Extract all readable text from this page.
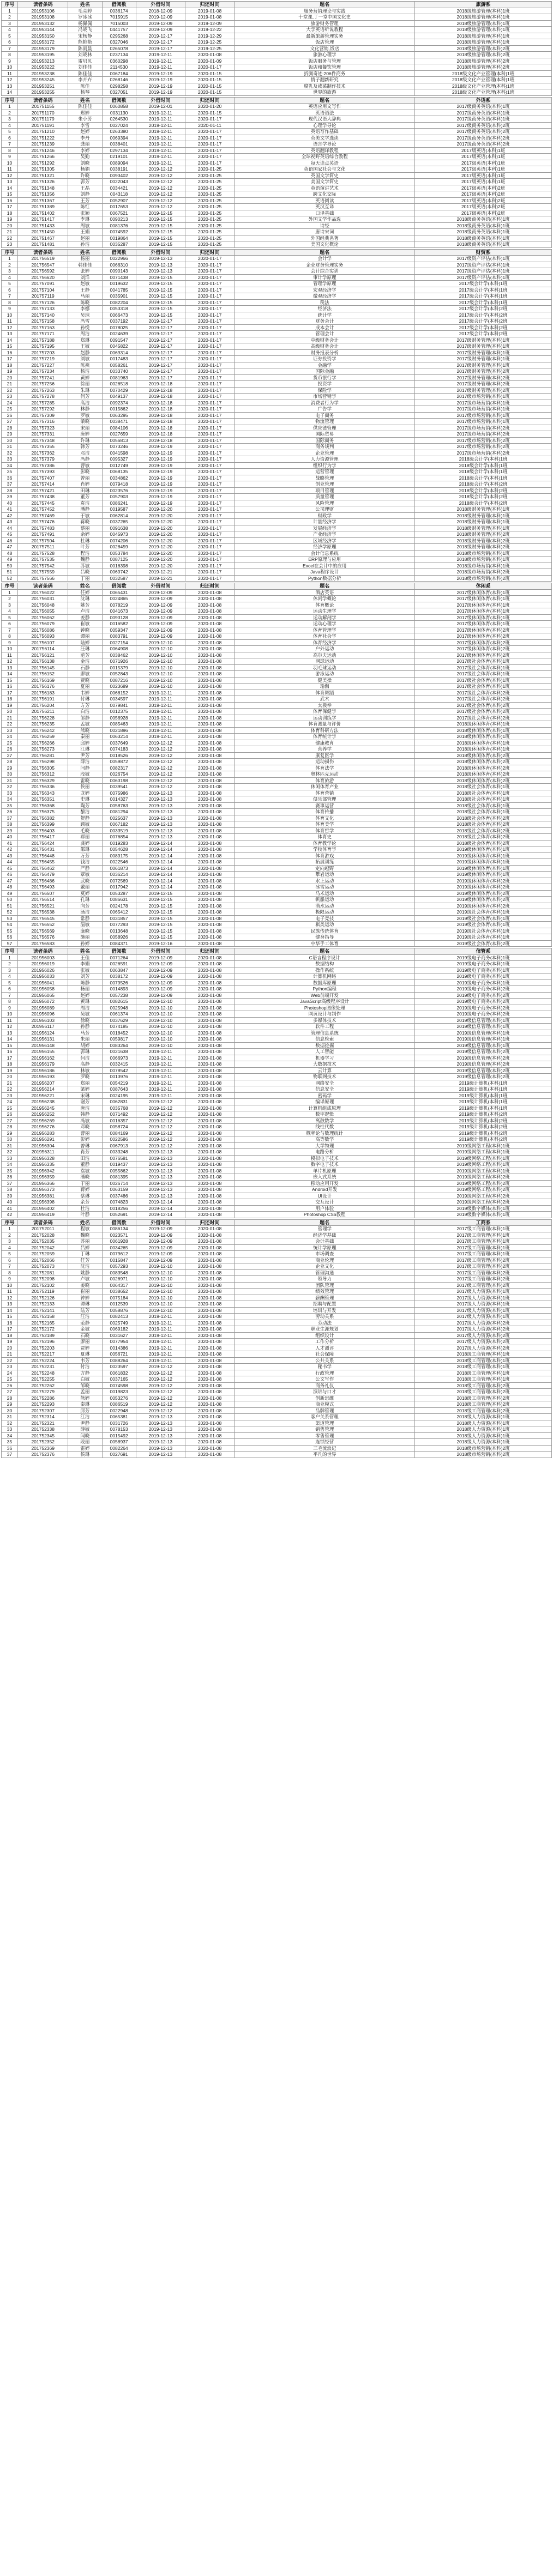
序号	读者条码	姓名	借阅数	外借时间	归还时间	题名	旅游系
1	201953106	毛亮婷	0036174	2018-12-09	2019-01-08	服务营销理论与实践	2018级旅游管理(本科)1班
2	201953108	罗冰冰	7015915	2019-12-09	2019-01-08	十堂课,丁一堂中国文化史	2018级旅游管理(本科)1班
3	201953132	杨佩佩	7015003	2019-12-09	2019-12-09	旅游财务管理	2018级旅游管理(本科)1班
4	201953144	冯晓飞	0441757	2019-12-09	2019-12-22	大学英语听说教程	2018级旅游管理(本科)1班
5	201953150	宋杨静	0295268	2019-12-17	2019-12-29	最新旅游管理实务	2018级旅游管理(本科)1班
6	201953172	熊艳艳	0327046	2019-12-17	2019-12-25	饭店管理	2018级旅游管理(本科)1班
7	201953179	陈雨晨	0265078	2019-12-17	2019-12-25	文化营销,饭店	2018级旅游管理(本科)2班
8	201953195	刘晓林	0237134	2019-12-11	2020-01-08	旅游心理学	2018级旅游管理(本科)2班
9	201953213	雷贝贝	0360298	2019-12-11	2020-01-09	饭店服务与管理	2018级旅游管理(本科)2班
10	201953222	刘佳佳	2114530	2019-12-11	2020-01-17	饭店和餐饮管理	2018级旅游管理(本科)2班
11	201953238	陈佳佳	0067184	2019-12-19	2020-01-15	折腾奇迹:206件商务	2018级文化产业管理(本科)1班
12	201953245	李卉卉	0268146	2019-12-19	2020-01-15	情子翻新研究	2018级文化产业管理(本科)1班
13	201953251	陈佳	0298258	2019-12-19	2020-01-15	腐乳及咸菜制作技术	2018级文化产业管理(本科)1班
14	201953255	杨琴	0327051	2019-12-19	2020-01-15	世界的旅游	2018级文化产业管理(本科)1班
序号	读者条码	姓名	借阅数	外借时间	归还时间	题名	外语系
1	201751155	陈佳佳	0060858	2019-12-01	2020-01-20	英语应用文写作	2017级商务英语(本科)1班
2	201751170	郑婷	0031130	2019-12-11	2020-01-15	英语语法	2017级商务英语(本科)1班
3	201751179	朱小芳	0264530	2019-12-11	2020-01-17	现代汉语大辞典	2017级商务英语(本科)1班
4	201751191	李雪	0027024	2019-12-11	2020-01-11	心理学导论	2017级商务英语(本科)2班
5	201751210	赵婷	0263380	2019-12-11	2020-01-17	英语写作基础	2017级商务英语(本科)2班
6	201751222	李丹	0069394	2019-12-11	2020-01-17	英美文学选读	2017级商务英语(本科)2班
7	201751239	龚丽	0038401	2019-12-11	2020-01-17	语言学导论	2017级商务英语(本科)2班
8	201751246	李婷	0297134	2019-12-11	2020-01-17	英语翻译教程	2017级英语(本科)1班
9	201751266	吴勤	0219101	2019-12-11	2020-01-17	全球视野英语综合教程	2017级英语(本科)1班
10	201751292	刘晓	0089094	2019-12-11	2020-01-17	每天读点英语	2017级英语(本科)1班
11	201751305	杨娟	0038191	2019-12-12	2020-01-25	英语国家社会与文化	2017级英语(本科)1班
12	201751321	许晓	0093402	2019-12-12	2020-01-25	英国文学简史	2017级英语(本科)1班
13	201751326	郭芳	0022043	2019-12-12	2020-01-25	美国文学简史	2017级英语(本科)1班
14	201751348	王晶	0034421	2019-12-12	2020-01-25	英语演讲艺术	2017级英语(本科)2班
15	201751356	刘静	0043118	2019-12-12	2020-01-25	跨文化交际	2017级英语(本科)2班
16	201751367	王芳	0052907	2019-12-12	2020-01-25	英语阅读	2017级英语(本科)2班
17	201751389	陈红	0017653	2019-12-12	2020-01-25	英汉互译	2017级英语(本科)2班
18	201751402	张颖	0067521	2019-12-15	2020-01-25	口译基础	2017级英语(本科)2班
19	201751417	李琳	0090213	2019-12-15	2020-01-25	外国文学作品选	2018级商务英语(本科)1班
20	201751433	周敏	0081376	2019-12-15	2020-01-25	诗经	2018级商务英语(本科)1班
21	201751450	王娟	0074592	2019-12-15	2020-01-25	唐诗宋词	2018级商务英语(本科)1班
22	201751467	赵丽	0019864	2019-12-15	2020-01-25	外国经典名著	2018级商务英语(本科)1班
23	201751481	孙洁	0035287	2019-12-15	2020-01-25	美国文化概论	2018级商务英语(本科)1班
序号	读者条码	姓名	借阅数	外借时间	归还时间	题名	财贸系
1	201756519	杨丽	0022966	2019-12-13	2020-01-17	会计学	2017级资产评估(本科)1班
2	201756547	韩佳佳	0066310	2019-12-13	2020-01-17	企业财务管理实务	2017级资产评估(本科)1班
3	201756592	张婷	0090143	2019-12-13	2020-01-17	会计综合实训	2017级资产评估(本科)1班
4	201756620	刘洋	0071438	2019-12-15	2020-01-17	审计学原理	2017级资产评估(本科)1班
5	201757091	赵敏	0019632	2019-12-15	2020-01-17	管理学原理	2017级会计学(本科)1班
6	201757104	王静	0041785	2019-12-15	2020-01-17	宏观经济学	2017级会计学(本科)1班
7	201757119	马丽	0035901	2019-12-15	2020-01-17	微观经济学	2017级会计学(本科)1班
8	201757126	陈晓	0082204	2019-12-15	2020-01-17	税法	2017级会计学(本科)1班
9	201757133	李娜	0053318	2019-12-15	2020-01-17	经济法	2017级会计学(本科)2班
10	201757140	吴琼	0066473	2019-12-15	2020-01-17	统计学	2017级会计学(本科)2班
11	201757158	冯雪	0037192	2019-12-17	2020-01-17	财务会计	2017级会计学(本科)2班
12	201757163	孙悦	0078025	2019-12-17	2020-01-17	成本会计	2017级会计学(本科)2班
13	201757171	周洁	0024639	2019-12-17	2020-01-17	管理会计	2017级会计学(本科)2班
14	201757188	郑琳	0091547	2019-12-17	2020-01-17	中级财务会计	2017级财务管理(本科)1班
15	201757195	王敏	0045822	2019-12-17	2020-01-17	高级财务会计	2017级财务管理(本科)1班
16	201757203	赵静	0069314	2019-12-17	2020-01-17	财务报表分析	2017级财务管理(本科)1班
17	201757219	刘敏	0017483	2019-12-17	2020-01-17	证券投资学	2017级财务管理(本科)1班
18	201757227	陈燕	0058261	2019-12-17	2020-01-17	金融学	2017级财务管理(本科)1班
19	201757234	杨洁	0033740	2019-12-17	2020-01-17	国际金融	2017级财务管理(本科)2班
20	201757241	黄婷	0081963	2019-12-17	2020-01-17	货币银行学	2017级财务管理(本科)2班
21	201757256	徐丽	0026518	2019-12-18	2020-01-17	投资学	2017级财务管理(本科)2班
22	201757263	朱琳	0070429	2019-12-18	2020-01-17	保险学	2017级财务管理(本科)2班
23	201757278	何芳	0049137	2019-12-18	2020-01-17	市场营销学	2017级市场营销(本科)1班
24	201757285	高洁	0092374	2019-12-18	2020-01-17	消费者行为学	2017级市场营销(本科)1班
25	201757292	林静	0015862	2019-12-18	2020-01-17	广告学	2017级市场营销(本科)1班
26	201757309	罗敏	0063295	2019-12-18	2020-01-17	电子商务	2017级市场营销(本科)1班
27	201757316	梁晓	0038471	2019-12-18	2020-01-17	物流管理	2017级市场营销(本科)1班
28	201757323	宋丽	0084106	2019-12-18	2020-01-17	供应链管理	2017级市场营销(本科)2班
29	201757331	唐婷	0027659	2019-12-18	2020-01-17	国际贸易	2017级市场营销(本科)2班
30	201757348	许琳	0056813	2019-12-18	2020-01-17	国际商务	2017级市场营销(本科)2班
31	201757355	韩芳	0073246	2019-12-19	2020-01-17	商务谈判	2017级市场营销(本科)2班
32	201757362	邓洁	0041598	2019-12-19	2020-01-17	企业管理	2017级市场营销(本科)2班
33	201757379	冯静	0095327	2019-12-19	2020-01-17	人力资源管理	2018级会计学(本科)1班
34	201757386	曹敏	0012749	2019-12-19	2020-01-17	组织行为学	2018级会计学(本科)1班
35	201757393	彭晓	0068135	2019-12-19	2020-01-17	运营管理	2018级会计学(本科)1班
36	201757407	曾丽	0034862	2019-12-19	2020-01-17	战略管理	2018级会计学(本科)1班
37	201757414	肖婷	0079418	2019-12-19	2020-01-17	创业管理	2018级会计学(本科)2班
38	201757421	田琳	0023576	2019-12-19	2020-01-17	项目管理	2018级会计学(本科)2班
39	201757438	董芳	0057903	2019-12-19	2020-01-17	质量管理	2018级会计学(本科)2班
40	201757445	袁洁	0086241	2019-12-19	2020-01-17	风险管理	2018级会计学(本科)2班
41	201757452	潘静	0019587	2019-12-20	2020-01-17	公司理财	2018级财务管理(本科)1班
42	201757469	于敏	0062814	2019-12-20	2020-01-17	财政学	2018级财务管理(本科)1班
43	201757476	蒋晓	0037265	2019-12-20	2020-01-17	计量经济学	2018级财务管理(本科)1班
44	201757483	蔡丽	0091638	2019-12-20	2020-01-17	发展经济学	2018级财务管理(本科)1班
45	201757491	余婷	0045973	2019-12-20	2020-01-17	产业经济学	2018级财务管理(本科)2班
46	201757504	杜琳	0074206	2019-12-20	2020-01-17	区域经济学	2018级财务管理(本科)2班
47	201757511	叶芳	0028459	2019-12-20	2020-01-17	经济学原理	2018级财务管理(本科)2班
48	201757528	程洁	0053784	2019-12-20	2020-01-17	会计信息系统	2018级市场营销(本科)1班
49	201757535	魏静	0087125	2019-12-20	2020-01-17	ERP原理与应用	2018级市场营销(本科)1班
50	201757542	苏敏	0016398	2019-12-20	2020-01-17	Excel在会计中的应用	2018级市场营销(本科)1班
51	201757559	吕晓	0069742	2019-12-21	2020-01-17	Java程序设计	2018级市场营销(本科)2班
52	201757566	丁丽	0032587	2019-12-21	2020-01-17	Python数据分析	2018级市场营销(本科)2班
序号	读者条码	姓名	借阅数	外借时间	归还时间	题名	休闲系
1	201756022	任婷	0065431	2019-12-09	2020-01-08	酒店英语	2017级休闲体育(本科)1班
2	201756031	沈琳	0024865	2019-12-09	2020-01-08	休闲学概论	2017级休闲体育(本科)1班
3	201756048	姚芳	0078219	2019-12-09	2020-01-08	体育概论	2017级休闲体育(本科)1班
4	201756055	卢洁	0041673	2019-12-09	2020-01-08	运动生理学	2017级休闲体育(本科)1班
5	201756062	姜静	0093128	2019-12-09	2020-01-08	运动解剖学	2017级休闲体育(本科)1班
6	201756079	崔敏	0016582	2019-12-09	2020-01-08	运动心理学	2017级休闲体育(本科)1班
7	201756086	钟晓	0059347	2019-12-09	2020-01-08	体育管理学	2017级休闲体育(本科)2班
8	201756093	谭丽	0083791	2019-12-09	2020-01-08	体育社会学	2017级休闲体育(本科)2班
9	201756107	陆婷	0027154	2019-12-10	2020-01-08	体育经济学	2017级休闲体育(本科)2班
10	201756114	汪琳	0064908	2019-12-10	2020-01-08	户外运动	2017级休闲体育(本科)2班
11	201756121	范芳	0038462	2019-12-10	2020-01-08	高尔夫运动	2017级休闲体育(本科)2班
12	201756138	金洁	0071926	2019-12-10	2020-01-08	网球运动	2017级社会体育(本科)1班
13	201756145	石静	0015379	2019-12-10	2020-01-08	羽毛球运动	2017级社会体育(本科)1班
14	201756152	廖敏	0052843	2019-12-10	2020-01-08	游泳运动	2017级社会体育(本科)1班
15	201756169	贾晓	0087216	2019-12-10	2020-01-08	健美操	2017级社会体育(本科)1班
16	201756176	夏丽	0023689	2019-12-10	2020-01-08	瑜伽	2017级社会体育(本科)1班
17	201756183	韦婷	0068152	2019-12-11	2020-01-08	体育舞蹈	2017级社会体育(本科)2班
18	201756191	付琳	0034597	2019-12-11	2020-01-08	武术	2017级社会体育(本科)2班
19	201756204	方芳	0079841	2019-12-11	2020-01-08	太极拳	2017级社会体育(本科)2班
20	201756211	白洁	0012375	2019-12-11	2020-01-08	体育保健学	2017级社会体育(本科)2班
21	201756228	邹静	0056928	2019-12-11	2020-01-08	运动训练学	2017级社会体育(本科)2班
22	201756235	孟敏	0085463	2019-12-11	2020-01-08	体育测量与评价	2018级休闲体育(本科)1班
23	201756242	熊晓	0021896	2019-12-11	2020-01-08	体育科研方法	2018级休闲体育(本科)1班
24	201756259	秦丽	0063214	2019-12-11	2020-01-08	体育统计学	2018级休闲体育(本科)1班
25	201756266	邱婷	0037649	2019-12-12	2020-01-08	健康教育	2018级休闲体育(本科)1班
26	201756273	江琳	0074183	2019-12-12	2020-01-08	营养学	2018级休闲体育(本科)1班
27	201756281	尹芳	0018526	2019-12-12	2020-01-08	康复医学	2018级休闲体育(本科)2班
28	201756298	薛洁	0059872	2019-12-12	2020-01-08	运动损伤	2018级休闲体育(本科)2班
29	201756305	闫静	0082317	2019-12-12	2020-01-08	体育法学	2018级休闲体育(本科)2班
30	201756312	段敏	0026754	2019-12-12	2020-01-08	奥林匹克运动	2018级休闲体育(本科)2班
31	201756329	雷晓	0063198	2019-12-12	2020-01-08	体育旅游	2018级休闲体育(本科)2班
32	201756336	侯丽	0039541	2019-12-12	2020-01-08	休闲体育产业	2018级社会体育(本科)1班
33	201756343	龙婷	0075986	2019-12-13	2020-01-08	体育营销	2018级社会体育(本科)1班
34	201756351	史琳	0014327	2019-12-13	2020-01-08	俱乐部管理	2018级社会体育(本科)1班
35	201756368	陶芳	0058763	2019-12-13	2020-01-08	赛事运营	2018级社会体育(本科)1班
36	201756375	黎洁	0081294	2019-12-13	2020-01-08	体育传播	2018级社会体育(本科)1班
37	201756382	贺静	0025637	2019-12-13	2020-01-08	体育文化	2018级社会体育(本科)2班
38	201756399	顾敏	0067182	2019-12-13	2020-01-08	体育美学	2018级社会体育(本科)2班
39	201756403	毛晓	0033519	2019-12-13	2020-01-08	体育哲学	2018级社会体育(本科)2班
40	201756417	郝丽	0076854	2019-12-13	2020-01-08	体育史	2018级社会体育(本科)2班
41	201756424	龚婷	0019283	2019-12-14	2020-01-08	体育教学论	2018级社会体育(本科)2班
42	201756431	邵琳	0054628	2019-12-14	2020-01-08	学校体育学	2019级休闲体育(本科)1班
43	201756448	万芳	0089175	2019-12-14	2020-01-08	体育游戏	2019级休闲体育(本科)1班
44	201756455	钱洁	0022546	2019-12-14	2020-01-08	拓展训练	2019级休闲体育(本科)1班
45	201756462	严静	0061873	2019-12-14	2020-01-08	定向越野	2019级休闲体育(本科)1班
46	201756479	覃敏	0036214	2019-12-14	2020-01-08	攀岩运动	2019级休闲体育(本科)1班
47	201756486	武晓	0072569	2019-12-14	2020-01-08	水上运动	2019级休闲体育(本科)2班
48	201756493	戴丽	0017942	2019-12-14	2020-01-08	冰雪运动	2019级休闲体育(本科)2班
49	201756507	莫婷	0053287	2019-12-15	2020-01-08	马术运动	2019级休闲体育(本科)2班
50	201756514	孔琳	0086631	2019-12-15	2020-01-08	帆船运动	2019级休闲体育(本科)2班
51	201756521	向芳	0024178	2019-12-15	2020-01-08	潜水运动	2019级休闲体育(本科)2班
52	201756538	汤洁	0065412	2019-12-15	2020-01-08	极限运动	2019级社会体育(本科)1班
53	201756545	常静	0031857	2019-12-15	2020-01-08	电子竞技	2019级社会体育(本科)1班
54	201756552	温敏	0077293	2019-12-15	2020-01-08	棋类运动	2019级社会体育(本科)1班
55	201756569	康晓	0013648	2019-12-15	2020-01-08	民族传统体育	2019级社会体育(本科)1班
56	201756576	施丽	0058926	2019-12-15	2020-01-08	健身指导	2019级社会体育(本科)1班
57	201756583	孙婷	0084371	2019-12-16	2020-01-08	中华手工体育	2019级社会体育(本科)2班
序号	读者条码	姓名	借阅数	外借时间	归还时间	题名	信管系
1	201956003	王佳	0071264	2019-12-09	2020-01-08	C语言程序设计	2019级电子商务(本科)1班
2	201956019	李娟	0026591	2019-12-09	2020-01-08	数据结构	2019级电子商务(本科)1班
3	201956026	张敏	0063847	2019-12-09	2020-01-08	操作系统	2019级电子商务(本科)1班
4	201956033	刘芳	0038172	2019-12-09	2020-01-08	计算机网络	2019级电子商务(本科)1班
5	201956041	陈静	0079526	2019-12-09	2020-01-08	数据库原理	2019级电子商务(本科)1班
6	201956058	杨丽	0014893	2019-12-09	2020-01-08	Python编程	2019级电子商务(本科)2班
7	201956065	赵婷	0057238	2019-12-09	2020-01-08	Web前端开发	2019级电子商务(本科)2班
8	201956072	黄琳	0082615	2019-12-10	2020-01-08	JavaScript高级程序设计	2019级电子商务(本科)2班
9	201956089	周洁	0025948	2019-12-10	2020-01-08	Photoshop图像处理	2019级电子商务(本科)2班
10	201956096	吴敏	0061374	2019-12-10	2020-01-08	网页设计与制作	2019级电子商务(本科)2班
11	201956103	徐晓	0037629	2019-12-10	2020-01-08	多媒体技术	2019级信息管理(本科)1班
12	201956117	孙静	0074185	2019-12-10	2020-01-08	软件工程	2019级信息管理(本科)1班
13	201956124	马芳	0018452	2019-12-10	2020-01-08	管理信息系统	2019级信息管理(本科)1班
14	201956131	朱丽	0059817	2019-12-10	2020-01-08	信息检索	2019级信息管理(本科)1班
15	201956148	胡婷	0083264	2019-12-10	2020-01-08	数据挖掘	2019级信息管理(本科)1班
16	201956155	郭琳	0021638	2019-12-11	2020-01-08	人工智能	2019级信息管理(本科)2班
17	201956162	何洁	0066973	2019-12-11	2020-01-08	机器学习	2019级信息管理(本科)2班
18	201956179	高静	0032415	2019-12-11	2020-01-08	大数据技术	2019级信息管理(本科)2班
19	201956186	林敏	0078542	2019-12-11	2020-01-08	云计算	2019级信息管理(本科)2班
20	201956193	罗晓	0013976	2019-12-11	2020-01-08	物联网技术	2019级信息管理(本科)2班
21	201956207	郑丽	0054219	2019-12-11	2020-01-08	网络安全	2019级计算机(本科)1班
22	201956214	梁婷	0087643	2019-12-11	2020-01-08	信息安全	2019级计算机(本科)1班
23	201956221	宋琳	0024195	2019-12-11	2020-01-08	密码学	2019级计算机(本科)1班
24	201956238	谢芳	0062831	2019-12-12	2020-01-08	编译原理	2019级计算机(本科)1班
25	201956245	唐洁	0035768	2019-12-12	2020-01-08	计算机组成原理	2019级计算机(本科)1班
26	201956252	韩静	0071492	2019-12-12	2020-01-08	数字逻辑	2019级计算机(本科)2班
27	201956269	冯敏	0016357	2019-12-12	2020-01-08	离散数学	2019级计算机(本科)2班
28	201956276	邓晓	0058724	2019-12-12	2020-01-08	线性代数	2019级计算机(本科)2班
29	201956283	曹丽	0084169	2019-12-12	2020-01-08	概率论与数理统计	2019级计算机(本科)2班
30	201956291	彭婷	0022586	2019-12-12	2020-01-08	高等数学	2019级计算机(本科)2班
31	201956304	曾琳	0067913	2019-12-12	2020-01-08	大学物理	2019级网络工程(本科)1班
32	201956311	肖芳	0033248	2019-12-13	2020-01-08	电路分析	2019级网络工程(本科)1班
33	201956328	田洁	0076581	2019-12-13	2020-01-08	模拟电子技术	2019级网络工程(本科)1班
34	201956335	董静	0019437	2019-12-13	2020-01-08	数字电子技术	2019级网络工程(本科)1班
35	201956342	袁敏	0055862	2019-12-13	2020-01-08	单片机原理	2019级网络工程(本科)1班
36	201956359	潘晓	0081395	2019-12-13	2020-01-08	嵌入式系统	2019级网络工程(本科)2班
37	201956366	于丽	0026714	2019-12-13	2020-01-08	移动应用开发	2019级网络工程(本科)2班
38	201956373	蒋婷	0063159	2019-12-13	2020-01-08	Android开发	2019级网络工程(本科)2班
39	201956381	蔡琳	0037486	2019-12-13	2020-01-08	UI设计	2019级网络工程(本科)2班
40	201956398	余芳	0074823	2019-12-14	2020-01-08	交互设计	2019级网络工程(本科)2班
41	201956402	杜洁	0018256	2019-12-14	2020-01-08	用户体验	2019级数字媒体(本科)1班
42	201956419	叶静	0052691	2019-12-14	2020-01-08	Photoshop CS6教程	2019级数字媒体(本科)1班
序号	读者条码	姓名	借阅数	外借时间	归还时间	题名	工商系
1	201752011	程敏	0086134	2019-12-09	2020-01-08	管理学	2017级工商管理(本科)1班
2	201752028	魏晓	0023571	2019-12-09	2020-01-08	经济学基础	2017级工商管理(本科)1班
3	201752035	苏丽	0061928	2019-12-09	2020-01-08	会计基础	2017级工商管理(本科)1班
4	201752042	吕婷	0034265	2019-12-09	2020-01-08	统计学原理	2017级工商管理(本科)1班
5	201752059	丁琳	0079612	2019-12-09	2020-01-08	市场调查	2017级工商管理(本科)1班
6	201752066	任芳	0015847	2019-12-09	2020-01-08	商业伦理	2017级工商管理(本科)2班
7	201752073	沈洁	0057293	2019-12-10	2020-01-08	企业文化	2017级工商管理(本科)2班
8	201752081	姚静	0083548	2019-12-10	2020-01-08	管理沟通	2017级工商管理(本科)2班
9	201752098	卢敏	0026971	2019-12-10	2020-01-08	领导力	2017级工商管理(本科)2班
10	201752102	姜晓	0064317	2019-12-10	2020-01-08	团队管理	2017级工商管理(本科)2班
11	201752119	崔丽	0038652	2019-12-10	2020-01-08	绩效管理	2017级人力资源(本科)1班
12	201752126	钟婷	0075184	2019-12-10	2020-01-08	薪酬管理	2017级人力资源(本科)1班
13	201752133	谭琳	0012539	2019-12-10	2020-01-08	招聘与配置	2017级人力资源(本科)1班
14	201752141	陆芳	0058876	2019-12-10	2020-01-08	培训与开发	2017级人力资源(本科)1班
15	201752158	汪洁	0082413	2019-12-11	2020-01-08	劳动关系	2017级人力资源(本科)1班
16	201752165	范静	0025749	2019-12-11	2020-01-08	劳动法	2017级人力资源(本科)2班
17	201752172	金敏	0069182	2019-12-11	2020-01-08	职业生涯规划	2017级人力资源(本科)2班
18	201752189	石晓	0031627	2019-12-11	2020-01-08	组织设计	2017级人力资源(本科)2班
19	201752196	廖丽	0077954	2019-12-11	2020-01-08	工作分析	2017级人力资源(本科)2班
20	201752203	贾婷	0014386	2019-12-11	2020-01-08	人才测评	2017级人力资源(本科)2班
21	201752217	夏琳	0056721	2019-12-11	2020-01-08	社会保障	2018级工商管理(本科)1班
22	201752224	韦芳	0088264	2019-12-11	2020-01-08	公共关系	2018级工商管理(本科)1班
23	201752231	付洁	0023597	2019-12-12	2020-01-08	秘书学	2018级工商管理(本科)1班
24	201752248	方静	0061832	2019-12-12	2020-01-08	行政管理	2018级工商管理(本科)1班
25	201752255	白敏	0037165	2019-12-12	2020-01-08	公文写作	2018级工商管理(本科)1班
26	201752262	邹晓	0074598	2019-12-12	2020-01-08	商务礼仪	2018级工商管理(本科)2班
27	201752279	孟丽	0019823	2019-12-12	2020-01-08	演讲与口才	2018级工商管理(本科)2班
28	201752286	熊婷	0053276	2019-12-12	2020-01-08	创新思维	2018级工商管理(本科)2班
29	201752293	秦琳	0086519	2019-12-12	2020-01-08	商业模式	2018级工商管理(本科)2班
30	201752307	邱芳	0022948	2019-12-12	2020-01-08	品牌管理	2018级工商管理(本科)2班
31	201752314	江洁	0065381	2019-12-13	2020-01-08	客户关系管理	2018级人力资源(本科)1班
32	201752321	尹静	0031726	2019-12-13	2020-01-08	渠道管理	2018级人力资源(本科)1班
33	201752338	薛敏	0078153	2019-12-13	2020-01-08	销售管理	2018级人力资源(本科)1班
34	201752345	闫晓	0015492	2019-12-13	2020-01-08	零售管理	2018级人力资源(本科)1班
35	201752352	段丽	0058937	2019-12-13	2020-01-08	连锁经营	2018级人力资源(本科)1班
36	201752369	雷婷	0082264	2019-12-13	2020-01-08	三毛流浪记	2018级市场营销(本科)2班
37	201752376	侯琳	0027691	2019-12-13	2020-01-08	平凡的世界	2018级市场营销(本科)2班
